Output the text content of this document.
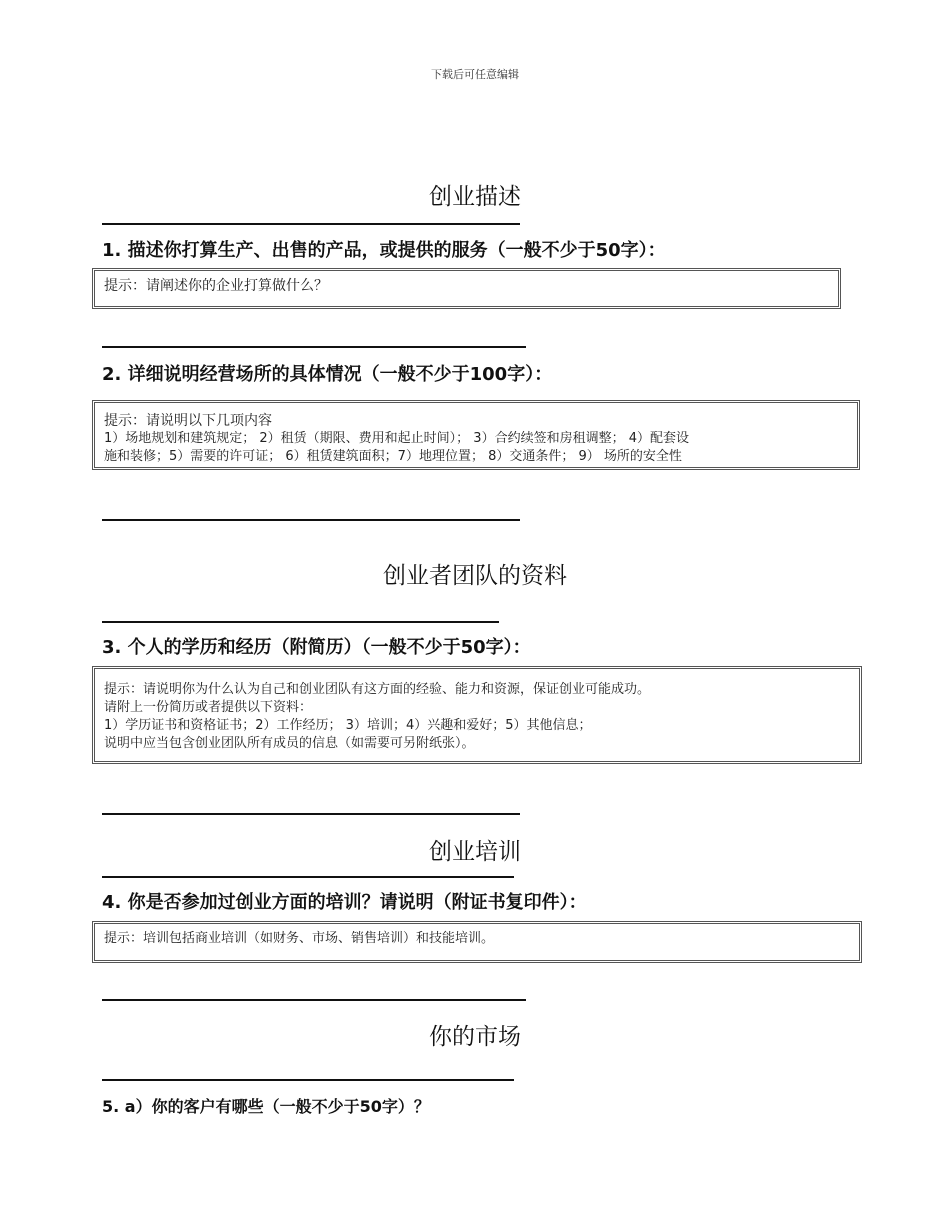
下载后可任意编辑
创业描述
1. 描述你打算生产、出售的产品，或提供的服务（一般不少于50字）：
提示：请阐述你的企业打算做什么？
2. 详细说明经营场所的具体情况（一般不少于100字）：
提示：请说明以下几项内容
1）场地规划和建筑规定； 2）租赁（期限、费用和起止时间）； 3）合约续签和房租调整； 4）配套设
施和装修；5）需要的许可证； 6）租赁建筑面积；7）地理位置； 8）交通条件； 9） 场所的安全性
创业者团队的资料
3. 个人的学历和经历（附简历）（一般不少于50字）：
提示：请说明你为什么认为自己和创业团队有这方面的经验、能力和资源，保证创业可能成功。
请附上一份简历或者提供以下资料：
1）学历证书和资格证书；2）工作经历； 3）培训；4）兴趣和爱好；5）其他信息；
说明中应当包含创业团队所有成员的信息（如需要可另附纸张）。
创业培训
4. 你是否参加过创业方面的培训？请说明（附证书复印件）：
提示：培训包括商业培训（如财务、市场、销售培训）和技能培训。
你的市场
5. a）你的客户有哪些（一般不少于50字）？
